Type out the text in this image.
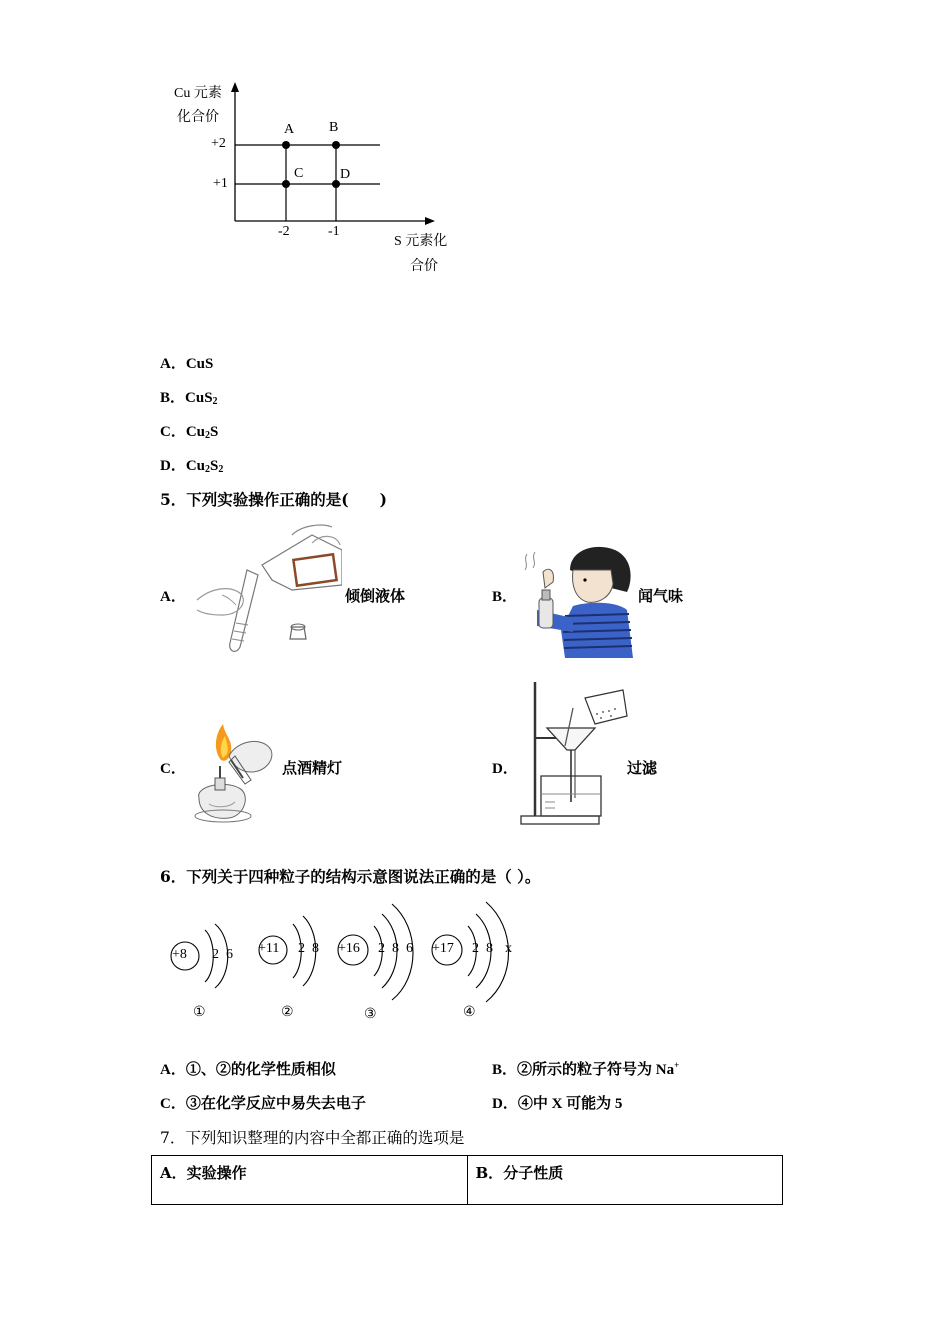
Cu 元素
化合价
+2
+1
-2	-1
S 元素化
合价
A B
C	D
A．CuS
B．CuS$_2$
C．$Cu_2S$
D．$Cu_2S_2$
5．下列实验操作正确的是(　　)
A．	倾倒液体	B．	闻气味
C．	点酒精灯	D．	过滤
6．下列关于四种粒子的结构示意图说法正确的是（ ）。
+8 2  6 +11 2  8 +16 2  8  6 +17 2  8 x
①	②	③	④
A．①、②的化学性质相似	B．②所示的粒子符号为 Na+
C．③在化学反应中易失去电子	D．④中 X 可能为 5
7．下列知识整理的内容中全都正确的选项是
A．实验操作	B．分子性质
